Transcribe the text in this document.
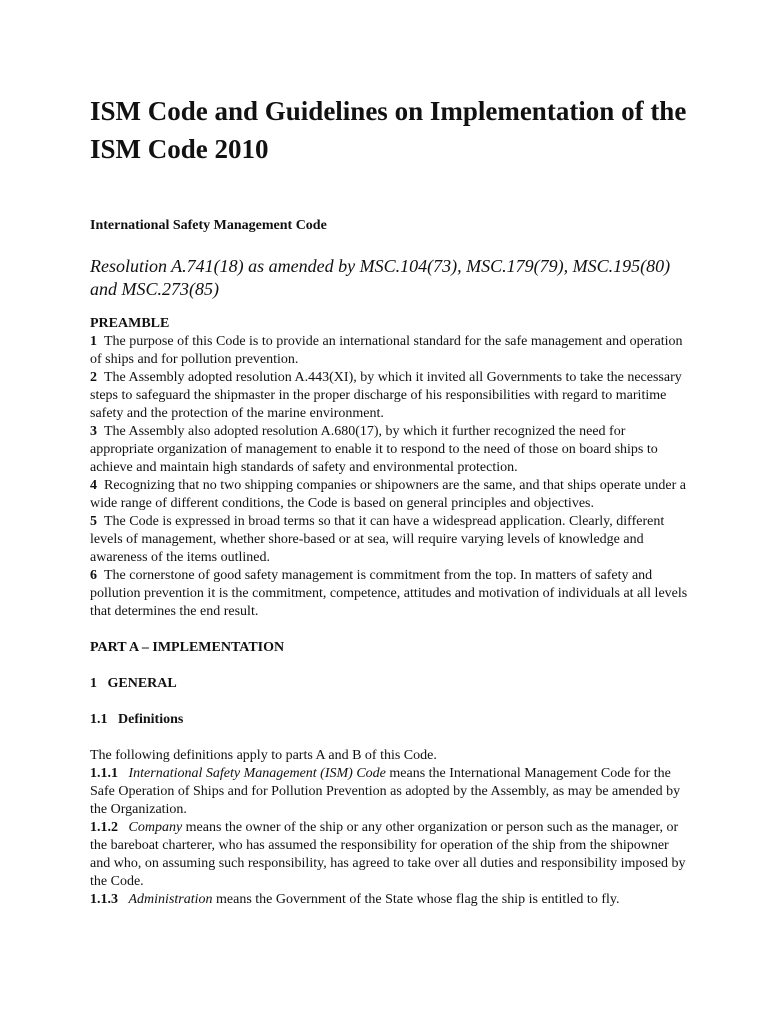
ISM Code and Guidelines on Implementation of the ISM Code 2010

International Safety Management Code

Resolution A.741(18) as amended by MSC.104(73), MSC.179(79), MSC.195(80) and MSC.273(85)

PREAMBLE

1 The purpose of this Code is to provide an international standard for the safe management and operation of ships and for pollution prevention.

2 The Assembly adopted resolution A.443(XI), by which it invited all Governments to take the necessary steps to safeguard the shipmaster in the proper discharge of his responsibilities with regard to maritime safety and the protection of the marine environment.

3 The Assembly also adopted resolution A.680(17), by which it further recognized the need for appropriate organization of management to enable it to respond to the need of those on board ships to achieve and maintain high standards of safety and environmental protection.

4 Recognizing that no two shipping companies or shipowners are the same, and that ships operate under a wide range of different conditions, the Code is based on general principles and objectives.

5 The Code is expressed in broad terms so that it can have a widespread application. Clearly, different levels of management, whether shore-based or at sea, will require varying levels of knowledge and awareness of the items outlined.

6 The cornerstone of good safety management is commitment from the top. In matters of safety and pollution prevention it is the commitment, competence, attitudes and motivation of individuals at all levels that determines the end result.

PART A – IMPLEMENTATION

1   GENERAL

1.1   Definitions

The following definitions apply to parts A and B of this Code.

1.1.1 International Safety Management (ISM) Code means the International Management Code for the Safe Operation of Ships and for Pollution Prevention as adopted by the Assembly, as may be amended by the Organization.

1.1.2 Company means the owner of the ship or any other organization or person such as the manager, or the bareboat charterer, who has assumed the responsibility for operation of the ship from the shipowner and who, on assuming such responsibility, has agreed to take over all duties and responsibility imposed by the Code.

1.1.3 Administration means the Government of the State whose flag the ship is entitled to fly.
